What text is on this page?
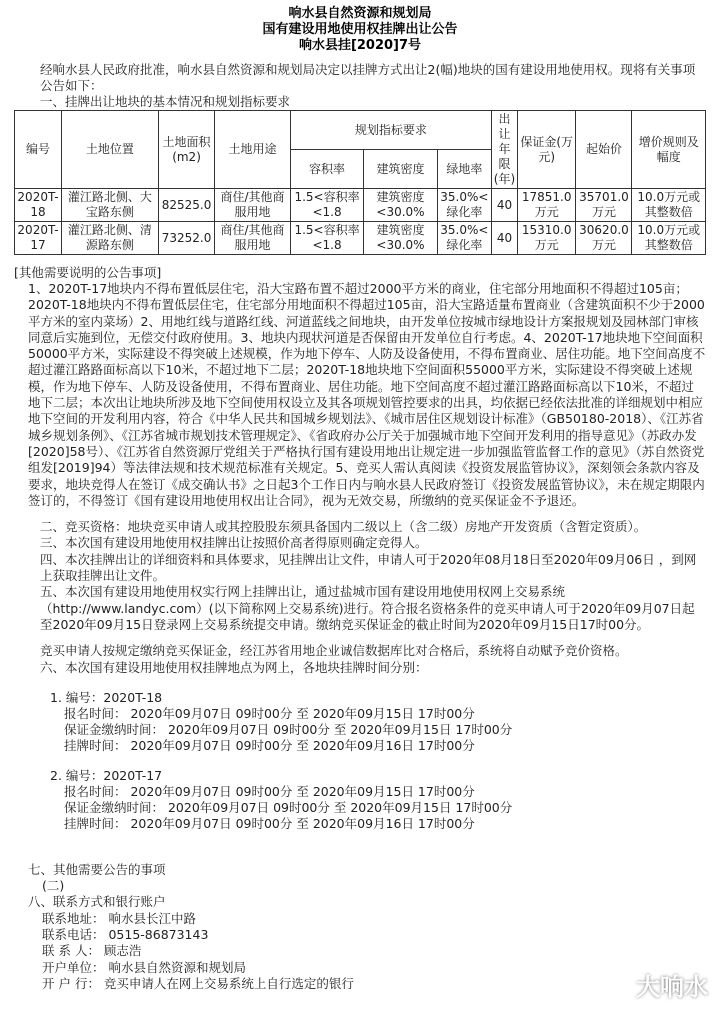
响水县自然资源和规划局
国有建设用地使用权挂牌出让公告
响水县挂[2020]7号

经响水县人民政府批准，响水县自然资源和规划局决定以挂牌方式出让2(幅)地块的国有建设用地使用权。现将有关事项公告如下：

一、挂牌出让地块的基本情况和规划指标要求

编号	土地位置	土地面积(m2)	土地用途	规划指标要求			出让年限(年)	保证金(万元)	起始价	增价规则及幅度
				容积率	建筑密度	绿地率				
2020T-18	灌江路北侧、大宝路东侧	82525.0	商住/其他商服用地	1.5<容积率<1.8	建筑密度<30.0%	35.0%<绿化率	40	17851.0万元	35701.0万元	10.0万元或其整数倍
2020T-17	灌江路北侧、清源路东侧	73252.0	商住/其他商服用地	1.5<容积率<1.8	建筑密度<30.0%	35.0%<绿化率	40	15310.0万元	30620.0万元	10.0万元或其整数倍
[其他需要说明的公告事项]
1、2020T-17地块内不得布置低层住宅，沿大宝路布置不超过2000平方米的商业，住宅部分用地面积不得超过105亩；2020T-18地块内不得布置低层住宅，住宅部分用地面积不得超过105亩，沿大宝路适量布置商业（含建筑面积不少于2000平方米的室内菜场）2、用地红线与道路红线、河道蓝线之间地块，由开发单位按城市绿地设计方案报规划及园林部门审核同意后实施到位，无偿交付政府使用。3、地块内现状河道是否保留由开发单位自行考虑。4、2020T-17地块地下空间面积50000平方米，实际建设不得突破上述规模，作为地下停车、人防及设备使用，不得布置商业、居住功能。地下空间高度不超过灌江路路面标高以下10米，不超过地下二层；2020T-18地块地下空间面积55000平方米，实际建设不得突破上述规模，作为地下停车、人防及设备使用，不得布置商业、居住功能。地下空间高度不超过灌江路路面标高以下10米，不超过地下二层；本次出让地块所涉及地下空间使用权设立及其各项规划管控要求的出具，均依据已经依法批准的详细规划中相应地下空间的开发利用内容，符合《中华人民共和国城乡规划法》、《城市居住区规划设计标准》（GB50180-2018）、《江苏省城乡规划条例》、《江苏省城市规划技术管理规定》、《省政府办公厅关于加强城市地下空间开发利用的指导意见》（苏政办发[2020]58号）、《江苏省自然资源厅党组关于严格执行国有建设用地出让规定进一步加强监管监督工作的意见》（苏自然资党组发[2019]94）等法律法规和技术规范标准有关规定。5、竞买人需认真阅读《投资发展监管协议》，深刻领会条款内容及要求，地块竞得人在签订《成交确认书》之日起3个工作日内与响水县人民政府签订《投资发展监管协议》，未在规定期限内签订的，不得签订《国有建设用地使用权出让合同》，视为无效交易，所缴纳的竞买保证金不予退还。
二、竞买资格：地块竞买申请人或其控股股东须具备国内二级以上（含二级）房地产开发资质（含暂定资质）。
三、本次国有建设用地使用权挂牌出让按照价高者得原则确定竞得人。
四、本次挂牌出让的详细资料和具体要求，见挂牌出让文件，申请人可于2020年08月18日至2020年09月06日 ，到网上获取挂牌出让文件。
五、本次国有建设用地使用权实行网上挂牌出让，通过盐城市国有建设用地使用权网上交易系统（http://www.landyc.com）(以下简称网上交易系统)进行。符合报名资格条件的竞买申请人可于2020年09月07日起至2020年09月15日登录网上交易系统提交申请。缴纳竞买保证金的截止时间为2020年09月15日17时00分。
竞买申请人按规定缴纳竞买保证金，经江苏省用地企业诚信数据库比对合格后，系统将自动赋予竞价资格。
六、本次国有建设用地使用权挂牌地点为网上，各地块挂牌时间分别：
1. 编号：2020T-18
报名时间： 2020年09月07日 09时00分 至 2020年09月15日 17时00分
保证金缴纳时间： 2020年09月07日 09时00分 至 2020年09月15日 17时00分
挂牌时间： 2020年09月07日 09时00分 至 2020年09月16日 17时00分
2. 编号：2020T-17
报名时间： 2020年09月07日 09时00分 至 2020年09月15日 17时00分
保证金缴纳时间： 2020年09月07日 09时00分 至 2020年09月15日 17时00分
挂牌时间： 2020年09月07日 09时00分 至 2020年09月16日 17时00分
七、其他需要公告的事项
(二)
八、联系方式和银行账户
联系地址： 响水县长江中路
联系电话： 0515-86873143
联 系 人： 顾志浩
开户单位： 响水县自然资源和规划局
开 户 行： 竞买申请人在网上交易系统上自行选定的银行	大响水
